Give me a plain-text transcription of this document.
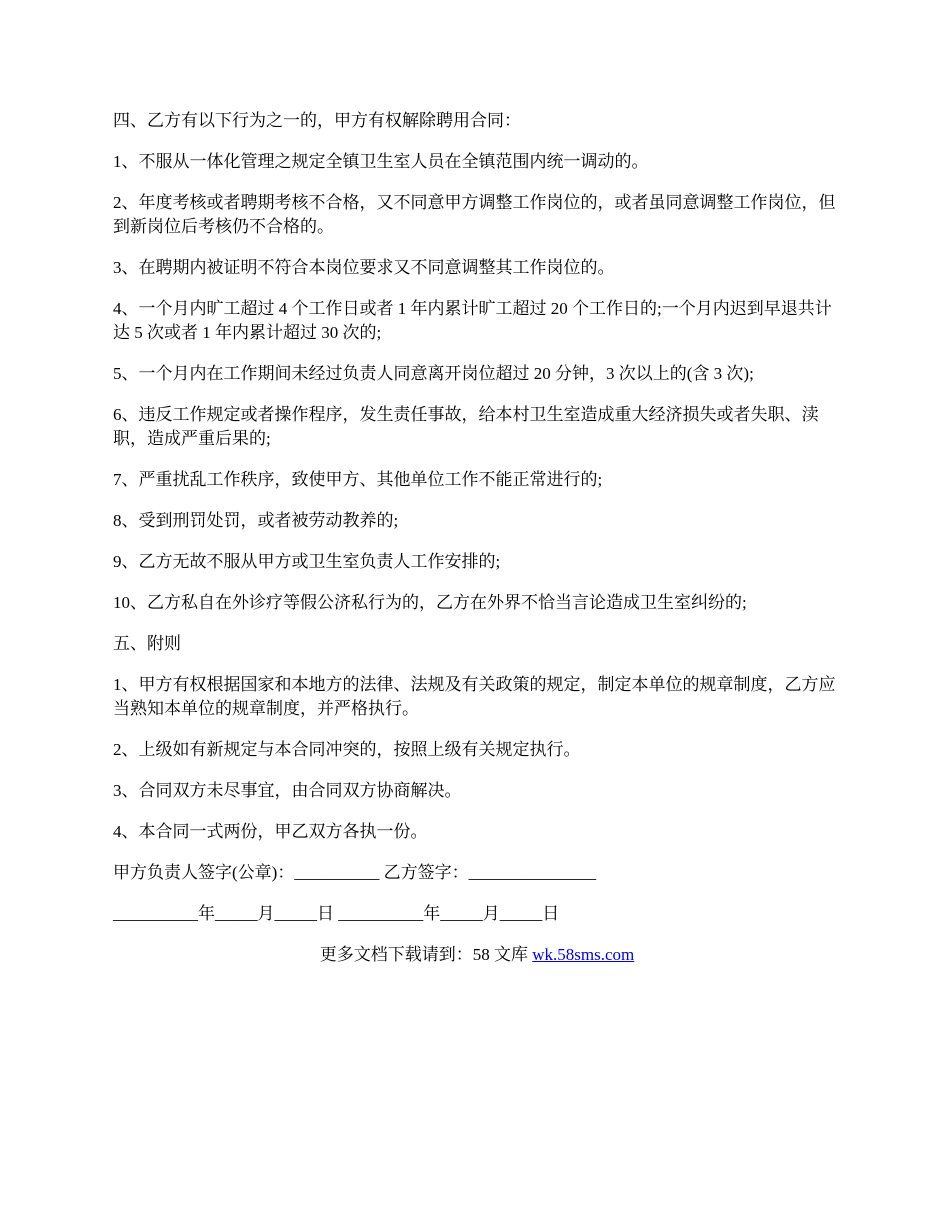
四、乙方有以下行为之一的，甲方有权解除聘用合同：

1、不服从一体化管理之规定全镇卫生室人员在全镇范围内统一调动的。

2、年度考核或者聘期考核不合格，又不同意甲方调整工作岗位的，或者虽同意调整工作岗位，但到新岗位后考核仍不合格的。

3、在聘期内被证明不符合本岗位要求又不同意调整其工作岗位的。

4、一个月内旷工超过 4 个工作日或者 1 年内累计旷工超过 20 个工作日的;一个月内迟到早退共计达 5 次或者 1 年内累计超过 30 次的;

5、一个月内在工作期间未经过负责人同意离开岗位超过 20 分钟，3 次以上的(含 3 次);

6、违反工作规定或者操作程序，发生责任事故，给本村卫生室造成重大经济损失或者失职、渎职，造成严重后果的;

7、严重扰乱工作秩序，致使甲方、其他单位工作不能正常进行的;

8、受到刑罚处罚，或者被劳动教养的;

9、乙方无故不服从甲方或卫生室负责人工作安排的;

10、乙方私自在外诊疗等假公济私行为的，乙方在外界不恰当言论造成卫生室纠纷的;

五、附则

1、甲方有权根据国家和本地方的法律、法规及有关政策的规定，制定本单位的规章制度，乙方应当熟知本单位的规章制度，并严格执行。

2、上级如有新规定与本合同冲突的，按照上级有关规定执行。

3、合同双方未尽事宜，由合同双方协商解决。

4、本合同一式两份，甲乙双方各执一份。

甲方负责人签字(公章)：__________ 乙方签字：_______________

__________年_____月_____日 __________年_____月_____日

更多文档下载请到：58 文库 wk.58sms.com
